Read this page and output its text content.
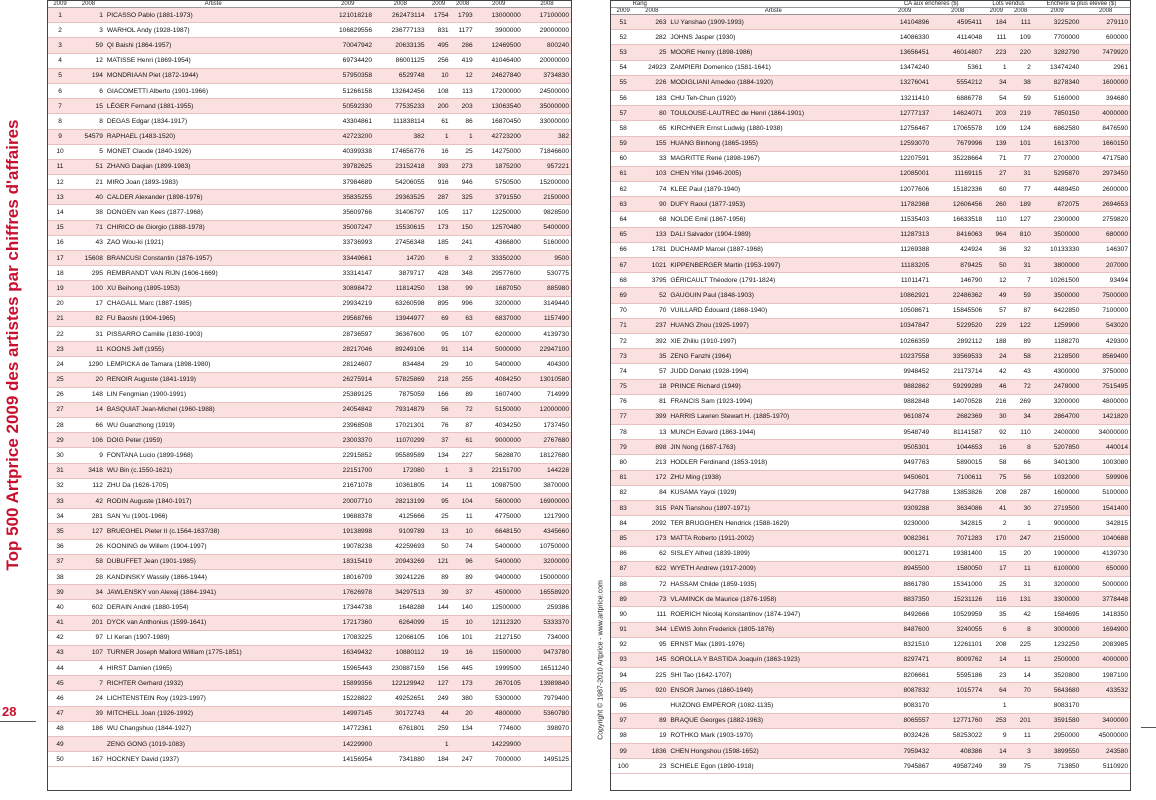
Top 500 Artprice 2009 des artistes par chiffres d'affaires
28	Copyright © 1987-2010 Artprice - www.artprice.com
2009	2008	Artiste	2009	2008	2009	2008	2009	2008
1	1	PICASSO Pablo (1881-1973)	121018218	262473114	1754	1793	13000000	17100000
2	3	WARHOL Andy (1928-1987)	106829556	236777133	831	1177	3900000	29000000
3	59	QI Baishi (1864-1957)	70047942	20633135	495	286	12469500	800240
4	12	MATISSE Henri (1869-1954)	69734420	86001125	256	419	41046400	20000000
5	194	MONDRIAAN Piet (1872-1944)	57950358	6529748	10	12	24627840	3734830
6	6	GIACOMETTI Alberto (1901-1966)	51266158	132642456	108	113	17200000	24500000
7	15	LÉGER Fernand (1881-1955)	50592330	77535233	200	203	13063540	35000000
8	8	DEGAS Edgar (1834-1917)	43304861	111838114	61	86	16870450	33000000
9	54579	RAPHAEL (1483-1520)	42723200	382	1	1	42723200	382
10	5	MONET Claude (1840-1926)	40399338	174656776	16	25	14275000	71846600
11	51	ZHANG Daqian (1899-1983)	39782625	23152418	393	273	1875200	957221
12	21	MIRO Joan (1893-1983)	37984689	54206055	916	946	5750500	15200000
13	40	CALDER Alexander (1898-1976)	35835255	29363525	287	325	3791550	2150000
14	38	DONGEN van Kees (1877-1968)	35609766	31406797	105	117	12250000	9828500
15	71	CHIRICO de Giorgio (1888-1978)	35007247	15530615	173	150	12570480	5400000
16	43	ZAO Wou-ki (1921)	33736993	27456348	185	241	4366800	5160000
17	15608	BRANCUSI Constantin (1876-1957)	33449661	14720	6	2	33350200	9500
18	295	REMBRANDT VAN RIJN (1606-1669)	33314147	3879717	428	348	29577600	530775
19	100	XU Beihong (1895-1953)	30898472	11814250	138	99	1687050	885980
20	17	CHAGALL Marc (1887-1985)	29934219	63260598	895	996	3200000	3149440
21	82	FU Baoshi (1904-1965)	29568766	13944977	69	63	6837000	1157490
22	31	PISSARRO Camille (1830-1903)	28736597	36367600	95	107	6200000	4139730
23	11	KOONS Jeff (1955)	28217046	89249106	91	114	5000000	22947100
24	1290	LEMPICKA de Tamara (1898-1980)	28124607	834484	29	10	5400000	404300
25	20	RENOIR Auguste (1841-1919)	26275914	57825869	218	255	4084250	13010580
26	148	LIN Fengmian (1900-1991)	25389125	7875059	166	89	1607400	714999
27	14	BASQUIAT Jean-Michel (1960-1988)	24054842	79314879	56	72	5150000	12000000
28	66	WU Guanzhong (1919)	23968508	17021301	76	87	4034250	1737450
29	106	DOIG Peter (1959)	23003370	11070299	37	61	9000000	2767680
30	9	FONTANA Lucio (1899-1968)	22915852	95589589	134	227	5628870	18127680
31	3418	WU Bin (c.1550-1621)	22151700	172080	1	3	22151700	144228
32	112	ZHU Da (1626-1705)	21671078	10361805	14	11	10987500	3870000
33	42	RODIN Auguste (1840-1917)	20007710	28213199	95	104	5600000	16900000
34	281	SAN Yu (1901-1966)	19688378	4125666	25	11	4775000	1217900
35	127	BRUEGHEL Pieter II (c.1564-1637/38)	19138998	9109789	13	10	6648150	4345660
36	26	KOONING de Willem (1904-1997)	19078238	42259693	50	74	5400000	10750000
37	58	DUBUFFET Jean (1901-1985)	18315419	20943269	121	96	5400000	3200000
38	28	KANDINSKY Wassily (1866-1944)	18016709	39241226	89	89	9400000	15000000
39	34	JAWLENSKY von Alexej (1864-1941)	17626978	34297513	39	37	4500000	16558920
40	602	DERAIN André (1880-1954)	17344738	1648288	144	140	12500000	259386
41	201	DYCK van Anthonius (1599-1641)	17217360	6264099	15	10	12112320	5333370
42	97	LI Keran (1907-1989)	17083225	12066105	106	101	2127150	734000
43	107	TURNER Joseph Mallord William (1775-1851)	16349432	10880112	19	16	11500000	9473780
44	4	HIRST Damien (1965)	15965443	230887159	156	445	1999500	16511240
45	7	RICHTER Gerhard (1932)	15899356	122129942	127	173	2670105	13989840
46	24	LICHTENSTEIN Roy (1923-1997)	15228822	49252651	249	380	5300000	7979400
47	39	MITCHELL Joan (1926-1992)	14997145	30172743	44	20	4800000	5360780
48	186	WU Changshuo (1844-1927)	14772361	6761801	259	134	774600	398970
49		ZENG GONG (1019-1083)	14229900		1		14229900	
50	167	HOCKNEY David (1937)	14156954	7341880	184	247	7000000	1495125
Rang			CA aux enchères ($)		Lots vendus		Enchère la plus élevée ($)	
2009	2008	Artiste	2009	2008	2009	2008	2009	2008
51	263	LU Yanshao (1909-1993)	14104896	4595411	184	111	3225200	279110
52	282	JOHNS Jasper (1930)	14086330	4114048	111	109	7700000	600000
53	25	MOORE Henry (1898-1986)	13656451	46014807	223	220	3282790	7479920
54	24923	ZAMPIERI Domenico (1581-1641)	13474240	5361	1	2	13474240	2961
55	226	MODIGLIANI Amedeo (1884-1920)	13276041	5554212	34	38	8278340	1600000
56	183	CHU Teh-Chun (1920)	13211410	6886778	54	59	5160000	394680
57	80	TOULOUSE-LAUTREC de Henri (1864-1901)	12777137	14624071	203	219	7850150	4000000
58	65	KIRCHNER Ernst Ludwig (1880-1938)	12756467	17065578	109	124	6862580	8476590
59	155	HUANG Binhong (1865-1955)	12593070	7679996	139	101	1613700	1660150
60	33	MAGRITTE René (1898-1967)	12207591	35228664	71	77	2700000	4717580
61	103	CHEN Yifei (1946-2005)	12085001	11169115	27	31	5295870	2973450
62	74	KLEE Paul (1879-1940)	12077606	15182336	60	77	4489450	2600000
63	90	DUFY Raoul (1877-1953)	11782368	12606456	260	189	872075	2694653
64	68	NOLDE Emil (1867-1956)	11535403	16633518	110	127	2300000	2759820
65	133	DALI Salvador (1904-1989)	11287313	8416063	964	810	3500000	680000
66	1781	DUCHAMP Marcel (1887-1968)	11269388	424924	36	32	10133330	146307
67	1021	KIPPENBERGER Martin (1953-1997)	11183205	879425	50	31	3800000	207000
68	3795	GÉRICAULT Théodore (1791-1824)	11011471	146790	12	7	10261500	93494
69	52	GAUGUIN Paul (1848-1903)	10862921	22486362	49	59	3500000	7500000
70	70	VUILLARD Édouard (1868-1940)	10508671	15845506	57	87	6422850	7100000
71	237	HUANG Zhou (1925-1997)	10347847	5229520	229	122	1259900	543020
72	392	XIE Zhiliu (1910-1997)	10266359	2892112	188	89	1188270	429300
73	35	ZENG Fanzhi (1964)	10237558	33569533	24	58	2128500	8569400
74	57	JUDD Donald (1928-1994)	9948452	21173714	42	43	4300000	3750000
75	18	PRINCE Richard (1949)	9882862	59299289	46	72	2478000	7515495
76	81	FRANCIS Sam (1923-1994)	9882848	14070528	216	269	3200000	4800000
77	399	HARRIS Lawren Stewart H. (1885-1970)	9610874	2682369	30	34	2864700	1421820
78	13	MUNCH Edvard (1863-1944)	9548749	81141587	92	110	2400000	34000000
79	898	JIN Nong (1687-1763)	9505301	1044653	16	8	5207850	440014
80	213	HODLER Ferdinand (1853-1918)	9497763	5890015	58	66	3401300	1003080
81	172	ZHU Ming (1938)	9450601	7100611	75	56	1032000	599906
82	84	KUSAMA Yayoi (1929)	9427788	13853826	208	287	1600000	5100000
83	315	PAN Tianshou (1897-1971)	9309288	3634086	41	30	2719500	1541400
84	2092	TER BRUGGHEN Hendrick (1588-1629)	9230000	342815	2	1	9000000	342815
85	173	MATTA Roberto (1911-2002)	9082361	7071283	170	247	2150000	1040688
86	62	SISLEY Alfred (1839-1899)	9001271	19381400	15	20	1900000	4139730
87	622	WYETH Andrew (1917-2009)	8945500	1580050	17	11	6100000	650000
88	72	HASSAM Childe (1859-1935)	8861780	15341000	25	31	3200000	5000000
89	73	VLAMINCK de Maurice (1876-1958)	8837350	15231126	116	131	3300000	3778448
90	111	ROERICH Nicolaj Konstantinov (1874-1947)	8492666	10529959	35	42	1584695	1418350
91	344	LEWIS John Frederick (1805-1876)	8487600	3240055	6	8	3000000	1694900
92	95	ERNST Max (1891-1976)	8321510	12261101	208	225	1232250	2083985
93	145	SOROLLA Y BASTIDA Joaquín (1863-1923)	8297471	8009762	14	11	2500000	4000000
94	225	SHI Tao (1642-1707)	8206661	5595186	23	14	3520800	1987100
95	920	ENSOR James (1860-1949)	8087832	1015774	64	70	5643680	433532
96		HUIZONG EMPEROR (1082-1135)	8083170		1		8083170	
97	89	BRAQUE Georges (1882-1963)	8065557	12771760	253	201	3591580	3400000
98	19	ROTHKO Mark (1903-1970)	8032426	58253022	9	11	2950000	45000000
99	1836	CHEN Hongshou (1598-1652)	7959432	408386	14	3	3899550	243580
100	23	SCHIELE Egon (1890-1918)	7945867	49587249	39	75	713850	5110920
